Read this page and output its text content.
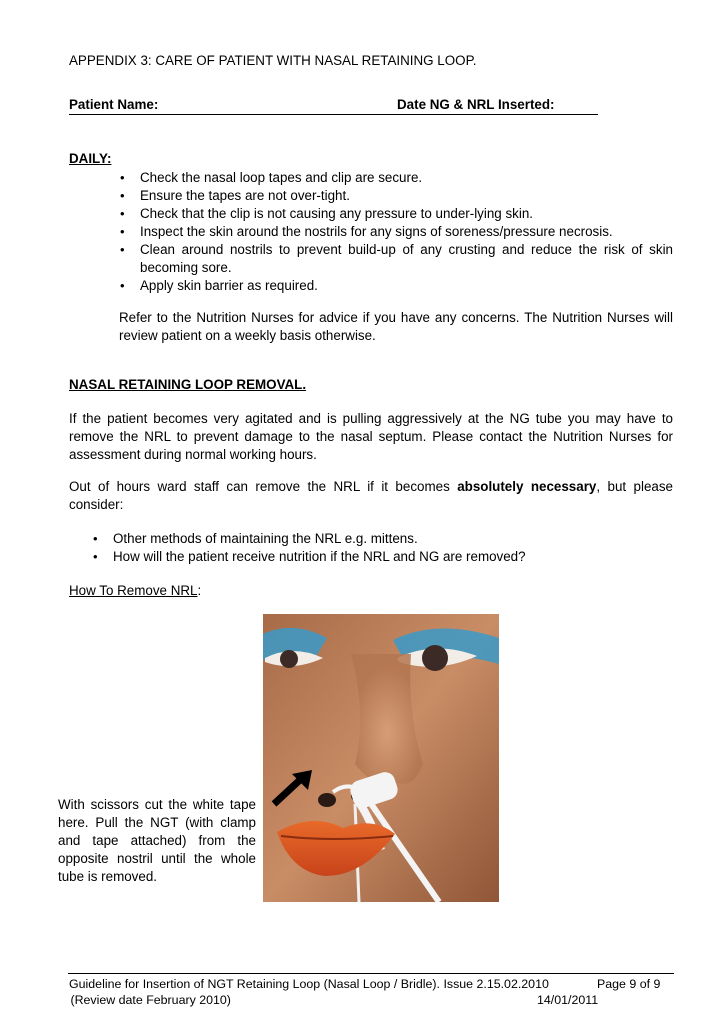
APPENDIX 3: CARE OF PATIENT WITH NASAL RETAINING LOOP.
Patient Name:	Date NG & NRL Inserted:
DAILY:
• Check the nasal loop tapes and clip are secure.
• Ensure the tapes are not over-tight.
• Check that the clip is not causing any pressure to under-lying skin.
• Inspect the skin around the nostrils for any signs of soreness/pressure necrosis.
• Clean around nostrils to prevent build-up of any crusting and reduce the risk of skin becoming sore.
• Apply skin barrier as required.
Refer to the Nutrition Nurses for advice if you have any concerns. The Nutrition Nurses will review patient on a weekly basis otherwise.
NASAL RETAINING LOOP REMOVAL.
If the patient becomes very agitated and is pulling aggressively at the NG tube you may have to remove the NRL to prevent damage to the nasal septum. Please contact the Nutrition Nurses for assessment during normal working hours.
Out of hours ward staff can remove the NRL if it becomes absolutely necessary, but please consider:
• Other methods of maintaining the NRL e.g. mittens.
• How will the patient receive nutrition if the NRL and NG are removed?
How To Remove NRL:
With scissors cut the white tape here. Pull the NGT (with clamp and tape attached) from the opposite nostril until the whole tube is removed.
Guideline for Insertion of NGT Retaining Loop (Nasal Loop / Bridle). Issue 2.15.02.2010	Page 9 of 9
(Review date February 2010)	14/01/2011
